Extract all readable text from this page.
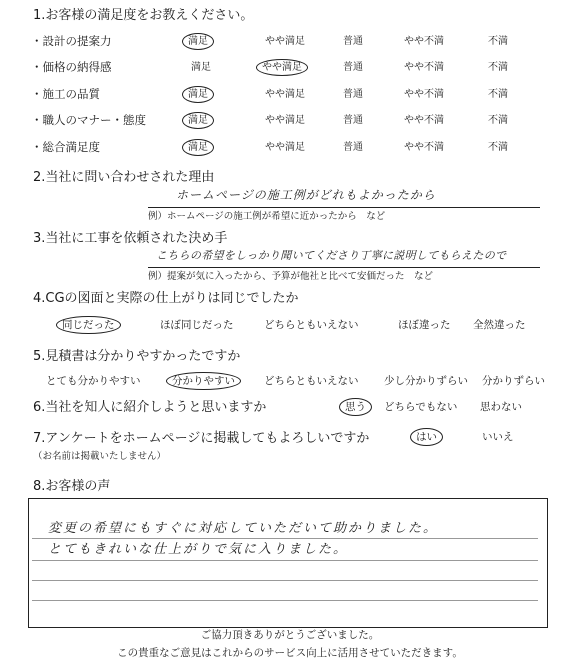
1.お客様の満足度をお教えください。
・設計の提案力	満足	やや満足	普通	やや不満	不満
・価格の納得感	満足	やや満足	普通	やや不満	不満
・施工の品質	満足	やや満足	普通	やや不満	不満
・職人のマナー・態度	満足	やや満足	普通	やや不満	不満
・総合満足度	満足	やや満足	普通	やや不満	不満
2.当社に問い合わせされた理由
ホームページの施工例がどれもよかったから
例）ホームページの施工例が希望に近かったから　など
3.当社に工事を依頼された決め手
こちらの希望をしっかり聞いてくださり丁寧に説明してもらえたので
例）提案が気に入ったから、予算が他社と比べて安価だった　など
4.CGの図面と実際の仕上がりは同じでしたか
同じだった	ほぼ同じだった	どちらともいえない	ほぼ違った 全然違った
5.見積書は分かりやすかったですか
とても分かりやすい	分かりやすい	どちらともいえない 少し分かりずらい 分かりずらい
6.当社を知人に紹介しようと思いますか	思う	どちらでもない 思わない
7.アンケートをホームページに掲載してもよろしいですか
（お名前は掲載いたしません）
はい	いいえ
8.お客様の声
変更の希望にもすぐに対応していただいて助かりました。
とてもきれいな仕上がりで気に入りました。
ご協力頂きありがとうございました。
この貴重なご意見はこれからのサービス向上に活用させていただきます。
